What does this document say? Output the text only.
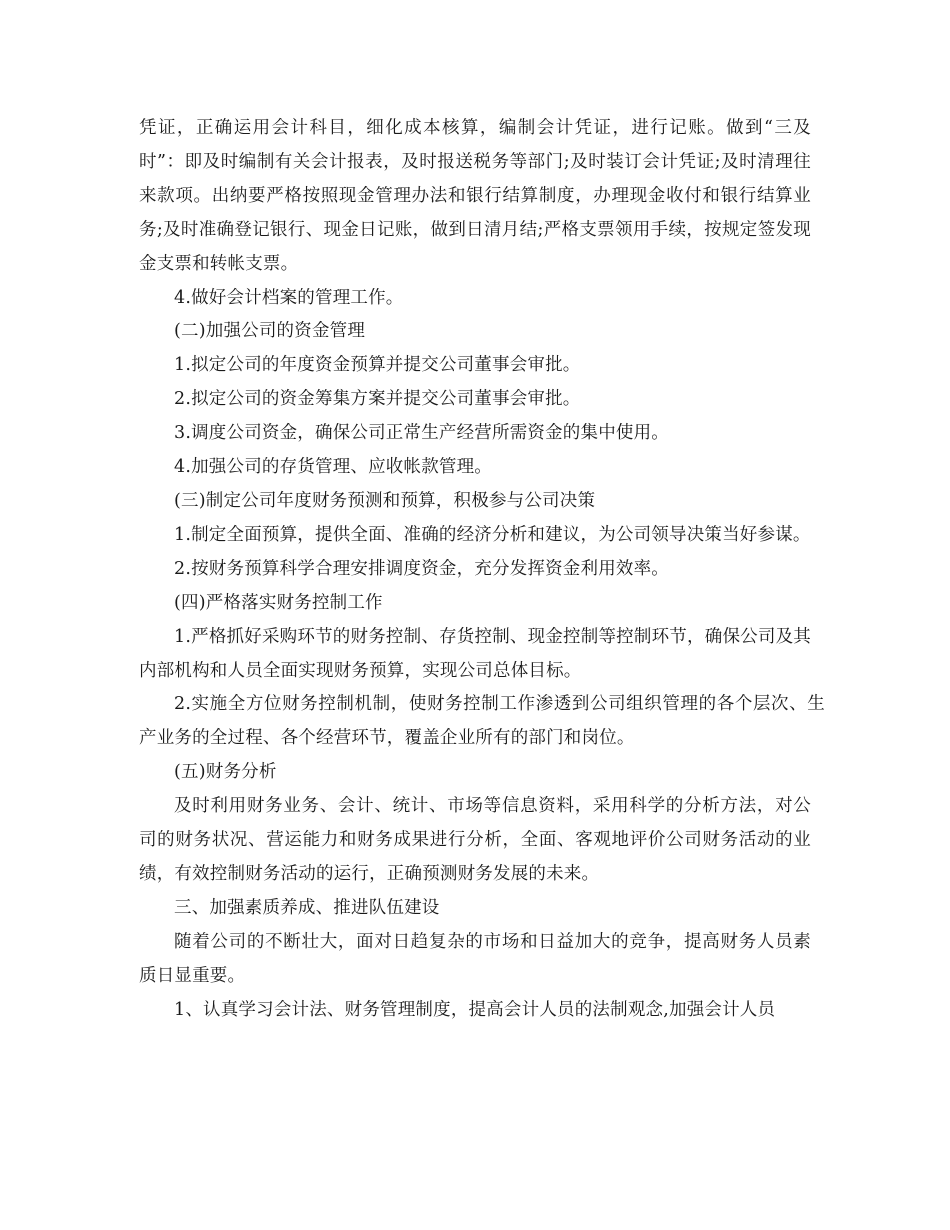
凭证，正确运用会计科目，细化成本核算，编制会计凭证，进行记账。做到“三及时”：即及时编制有关会计报表，及时报送税务等部门;及时装订会计凭证;及时清理往来款项。出纳要严格按照现金管理办法和银行结算制度，办理现金收付和银行结算业务;及时准确登记银行、现金日记账，做到日清月结;严格支票领用手续，按规定签发现金支票和转帐支票。

4.做好会计档案的管理工作。

(二)加强公司的资金管理

1.拟定公司的年度资金预算并提交公司董事会审批。

2.拟定公司的资金筹集方案并提交公司董事会审批。

3.调度公司资金，确保公司正常生产经营所需资金的集中使用。

4.加强公司的存货管理、应收帐款管理。

(三)制定公司年度财务预测和预算，积极参与公司决策

1.制定全面预算，提供全面、准确的经济分析和建议，为公司领导决策当好参谋。

2.按财务预算科学合理安排调度资金，充分发挥资金利用效率。

(四)严格落实财务控制工作

1.严格抓好采购环节的财务控制、存货控制、现金控制等控制环节，确保公司及其内部机构和人员全面实现财务预算，实现公司总体目标。

2.实施全方位财务控制机制，使财务控制工作渗透到公司组织管理的各个层次、生产业务的全过程、各个经营环节，覆盖企业所有的部门和岗位。

(五)财务分析

及时利用财务业务、会计、统计、市场等信息资料，采用科学的分析方法，对公司的财务状况、营运能力和财务成果进行分析，全面、客观地评价公司财务活动的业绩，有效控制财务活动的运行，正确预测财务发展的未来。

三、加强素质养成、推进队伍建设

随着公司的不断壮大，面对日趋复杂的市场和日益加大的竞争，提高财务人员素质日显重要。

1、认真学习会计法、财务管理制度，提高会计人员的法制观念,加强会计人员
